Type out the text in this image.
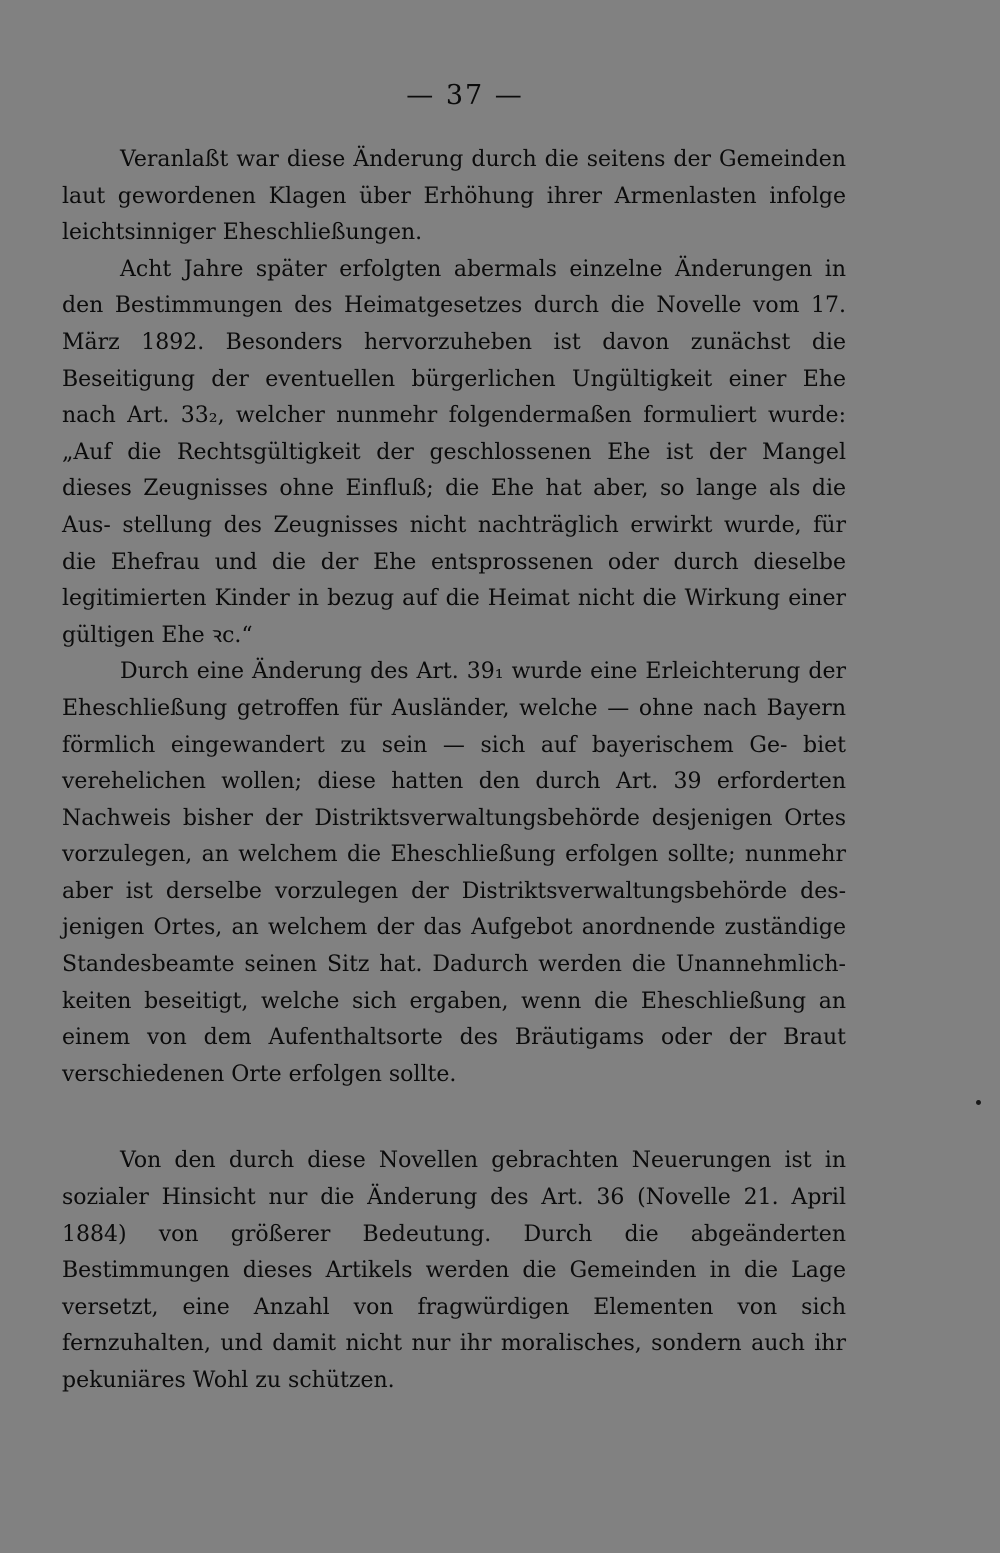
— 37 —

Veranlaßt war diese Änderung durch die seitens der Gemeinden laut gewordenen Klagen über Erhöhung ihrer Armenlasten infolge leichtsinniger Eheschließungen.

Acht Jahre später erfolgten abermals einzelne Änderungen in den Bestimmungen des Heimatgesetzes durch die Novelle vom 17. März 1892. Besonders hervorzuheben ist davon zunächst die Beseitigung der eventuellen bürgerlichen Ungültigkeit einer Ehe nach Art. 33₂, welcher nunmehr folgendermaßen formuliert wurde: „Auf die Rechtsgültigkeit der geschlossenen Ehe ist der Mangel dieses Zeugnisses ohne Einfluß; die Ehe hat aber, so lange als die Aus- stellung des Zeugnisses nicht nachträglich erwirkt wurde, für die Ehefrau und die der Ehe entsprossenen oder durch dieselbe legitimierten Kinder in bezug auf die Heimat nicht die Wirkung einer gültigen Ehe ꝛc.“

Durch eine Änderung des Art. 39₁ wurde eine Erleichterung der Eheschließung getroffen für Ausländer, welche — ohne nach Bayern förmlich eingewandert zu sein — sich auf bayerischem Ge- biet verehelichen wollen; diese hatten den durch Art. 39 erforderten Nachweis bisher der Distriktsverwaltungsbehörde desjenigen Ortes vorzulegen, an welchem die Eheschließung erfolgen sollte; nunmehr aber ist derselbe vorzulegen der Distriktsverwaltungsbehörde des- jenigen Ortes, an welchem der das Aufgebot anordnende zuständige Standesbeamte seinen Sitz hat. Dadurch werden die Unannehmlich- keiten beseitigt, welche sich ergaben, wenn die Eheschließung an einem von dem Aufenthaltsorte des Bräutigams oder der Braut verschiedenen Orte erfolgen sollte.

Von den durch diese Novellen gebrachten Neuerungen ist in sozialer Hinsicht nur die Änderung des Art. 36 (Novelle 21. April 1884) von größerer Bedeutung. Durch die abgeänderten Bestimmungen dieses Artikels werden die Gemeinden in die Lage versetzt, eine Anzahl von fragwürdigen Elementen von sich fernzuhalten, und damit nicht nur ihr moralisches, sondern auch ihr pekuniäres Wohl zu schützen.
